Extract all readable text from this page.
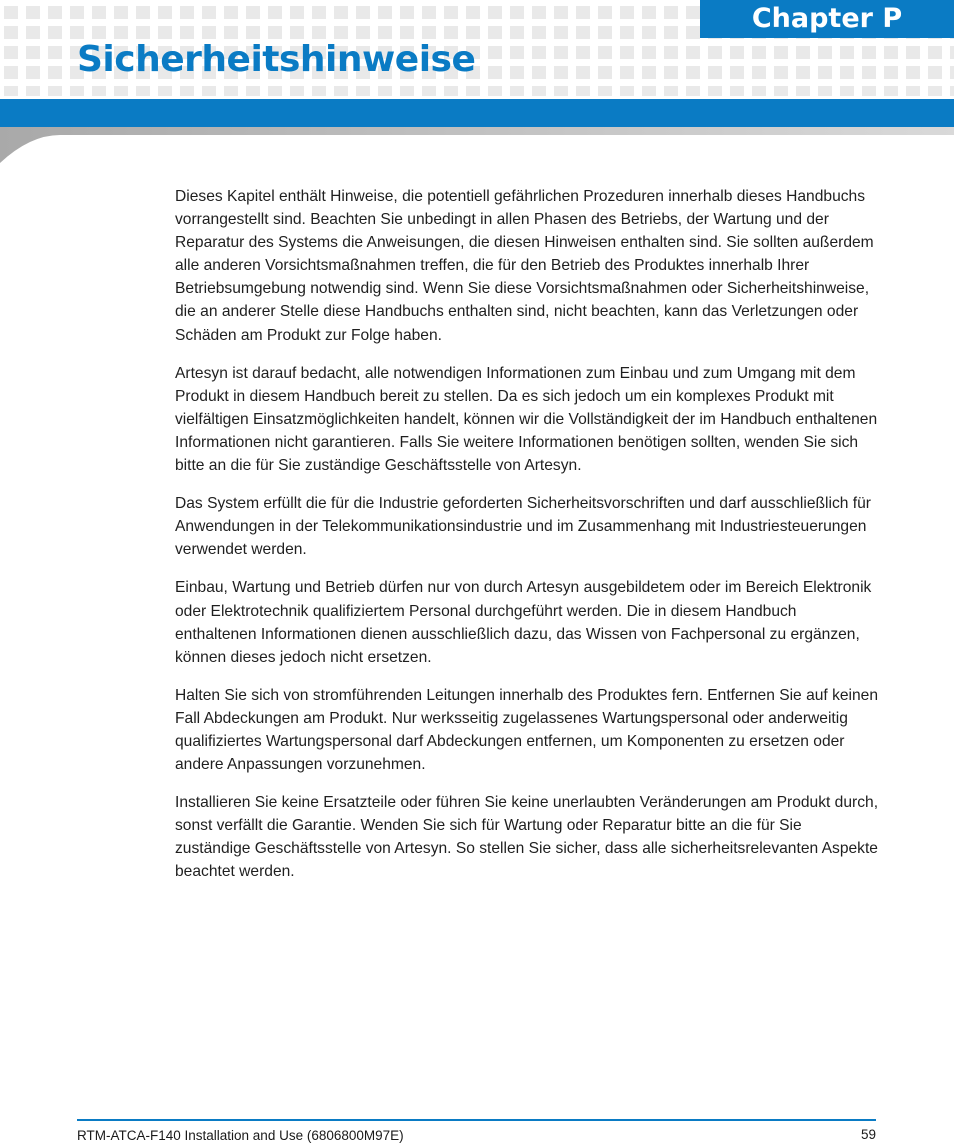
Chapter P
Sicherheitshinweise

Dieses Kapitel enthält Hinweise, die potentiell gefährlichen Prozeduren innerhalb dieses Handbuchs vorrangestellt sind. Beachten Sie unbedingt in allen Phasen des Betriebs, der Wartung und der Reparatur des Systems die Anweisungen, die diesen Hinweisen enthalten sind. Sie sollten außerdem alle anderen Vorsichtsmaßnahmen treffen, die für den Betrieb des Produktes innerhalb Ihrer Betriebsumgebung notwendig sind. Wenn Sie diese Vorsichtsmaßnahmen oder Sicherheitshinweise, die an anderer Stelle diese Handbuchs enthalten sind, nicht beachten, kann das Verletzungen oder Schäden am Produkt zur Folge haben.

Artesyn ist darauf bedacht, alle notwendigen Informationen zum Einbau und zum Umgang mit dem Produkt in diesem Handbuch bereit zu stellen. Da es sich jedoch um ein komplexes Produkt mit vielfältigen Einsatzmöglichkeiten handelt, können wir die Vollständigkeit der im Handbuch enthaltenen Informationen nicht garantieren. Falls Sie weitere Informationen benötigen sollten, wenden Sie sich bitte an die für Sie zuständige Geschäftsstelle von Artesyn.

Das System erfüllt die für die Industrie geforderten Sicherheitsvorschriften und darf ausschließlich für Anwendungen in der Telekommunikationsindustrie und im Zusammenhang mit Industriesteuerungen verwendet werden.

Einbau, Wartung und Betrieb dürfen nur von durch Artesyn ausgebildetem oder im Bereich Elektronik oder Elektrotechnik qualifiziertem Personal durchgeführt werden. Die in diesem Handbuch enthaltenen Informationen dienen ausschließlich dazu, das Wissen von Fachpersonal zu ergänzen, können dieses jedoch nicht ersetzen.

Halten Sie sich von stromführenden Leitungen innerhalb des Produktes fern. Entfernen Sie auf keinen Fall Abdeckungen am Produkt. Nur werksseitig zugelassenes Wartungspersonal oder anderweitig qualifiziertes Wartungspersonal darf Abdeckungen entfernen, um Komponenten zu ersetzen oder andere Anpassungen vorzunehmen.

Installieren Sie keine Ersatzteile oder führen Sie keine unerlaubten Veränderungen am Produkt durch, sonst verfällt die Garantie. Wenden Sie sich für Wartung oder Reparatur bitte an die für Sie zuständige Geschäftsstelle von Artesyn. So stellen Sie sicher, dass alle sicherheitsrelevanten Aspekte beachtet werden.

RTM-ATCA-F140 Installation and Use (6806800M97E)	59
